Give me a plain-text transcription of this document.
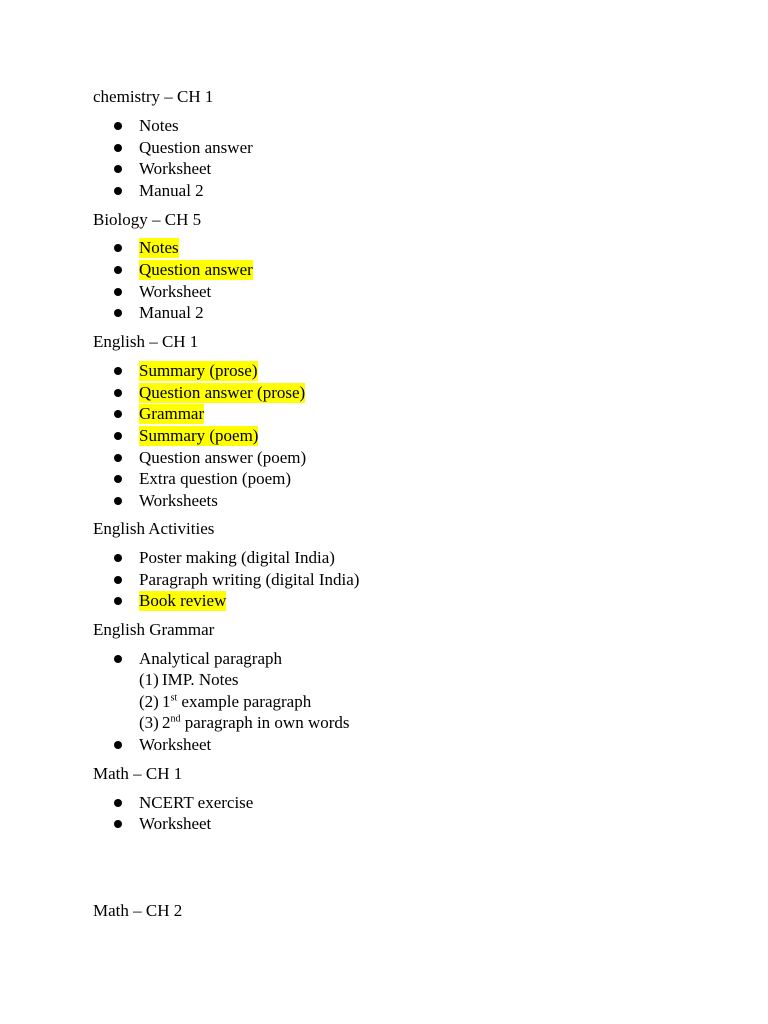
chemistry – CH 1
Notes
Question answer
Worksheet
Manual 2
Biology – CH 5
Notes
Question answer
Worksheet
Manual 2
English – CH 1
Summary (prose)
Question answer (prose)
Grammar
Summary (poem)
Question answer (poem)
Extra question (poem)
Worksheets
English Activities
Poster making (digital India)
Paragraph writing (digital India)
Book review
English Grammar
Analytical paragraph
(1) IMP. Notes
(2) 1st example paragraph
(3) 2nd paragraph in own words
Worksheet
Math – CH 1
NCERT exercise
Worksheet
Math – CH 2
